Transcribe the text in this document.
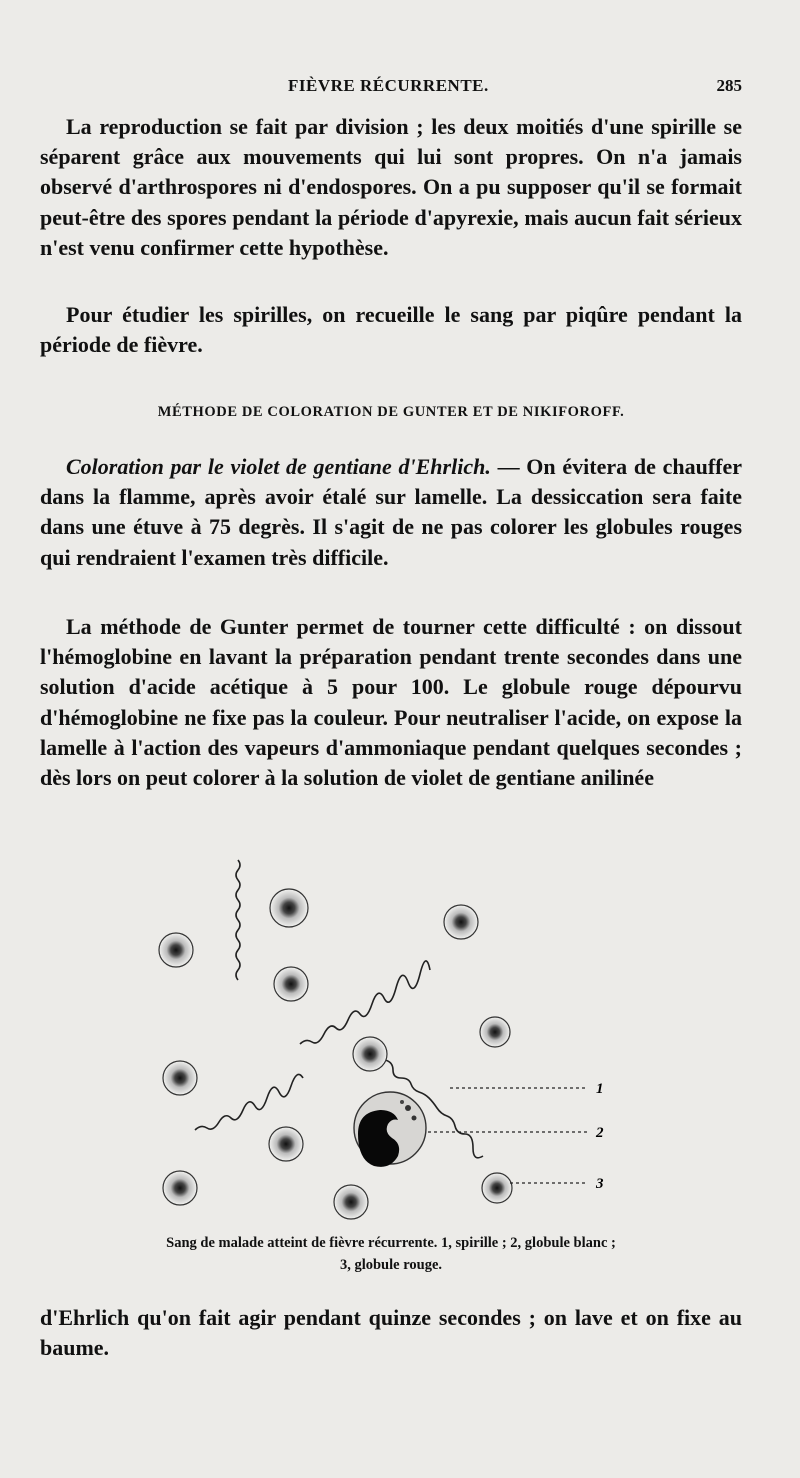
FIÈVRE RÉCURRENTE.	285
La reproduction se fait par division ; les deux moitiés d'une spirille se séparent grâce aux mouvements qui lui sont propres. On n'a jamais observé d'arthrospores ni d'endospores. On a pu supposer qu'il se formait peut-être des spores pendant la période d'apyrexie, mais aucun fait sérieux n'est venu confirmer cette hypothèse.
Pour étudier les spirilles, on recueille le sang par piqûre pendant la période de fièvre.
MÉTHODE DE COLORATION DE GUNTER ET DE NIKIFOROFF.
Coloration par le violet de gentiane d'Ehrlich. — On évitera de chauffer dans la flamme, après avoir étalé sur lamelle. La dessiccation sera faite dans une étuve à 75 degrès. Il s'agit de ne pas colorer les globules rouges qui rendraient l'examen très difficile.
La méthode de Gunter permet de tourner cette difficulté : on dissout l'hémoglobine en lavant la préparation pendant trente secondes dans une solution d'acide acétique à 5 pour 100. Le globule rouge dépourvu d'hémoglobine ne fixe pas la couleur. Pour neutraliser l'acide, on expose la lamelle à l'action des vapeurs d'ammoniaque pendant quelques secondes ; dès lors on peut colorer à la solution de violet de gentiane anilinée
1
2
3
Sang de malade atteint de fièvre récurrente. 1, spirille ; 2, globule blanc ;
3, globule rouge.
d'Ehrlich qu'on fait agir pendant quinze secondes ; on lave et on fixe au baume.
